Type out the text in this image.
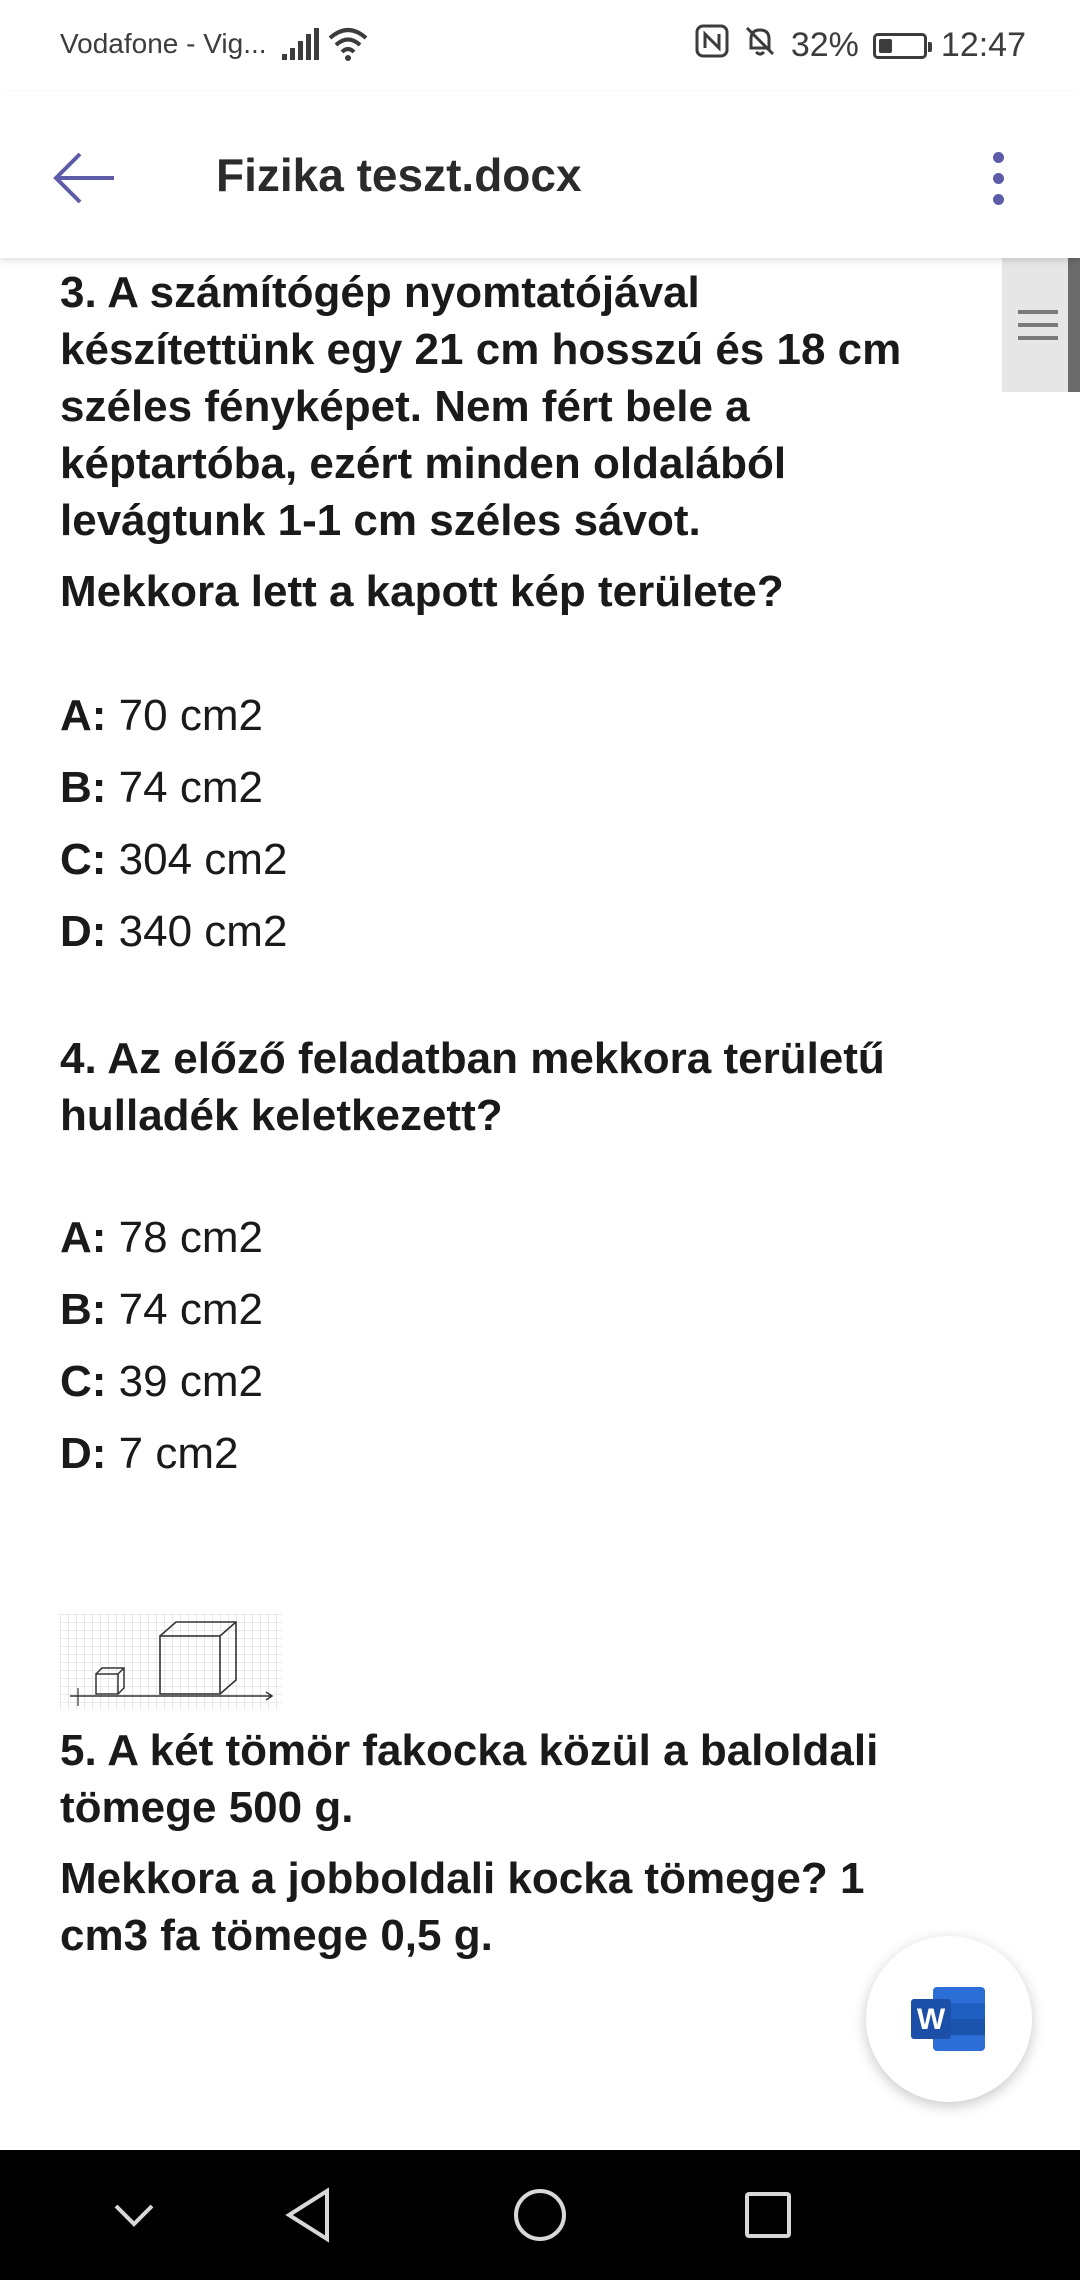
Vodafone - Vig...	32% 12:47
Fizika teszt.docx

3. A számítógép nyomtatójával készítettünk egy 21 cm hosszú és 18 cm széles fényképet. Nem fért bele a képtartóba, ezért minden oldalából levágtunk 1-1 cm széles sávot.

Mekkora lett a kapott kép területe?

A: 70 cm2

B: 74 cm2

C: 304 cm2

D: 340 cm2

4. Az előző feladatban mekkora területű hulladék keletkezett?

A: 78 cm2

B: 74 cm2

C: 39 cm2

D: 7 cm2

5. A két tömör fakocka közül a baloldali tömege 500 g.

Mekkora a jobboldali kocka tömege? 1 cm3 fa tömege 0,5 g.

W
